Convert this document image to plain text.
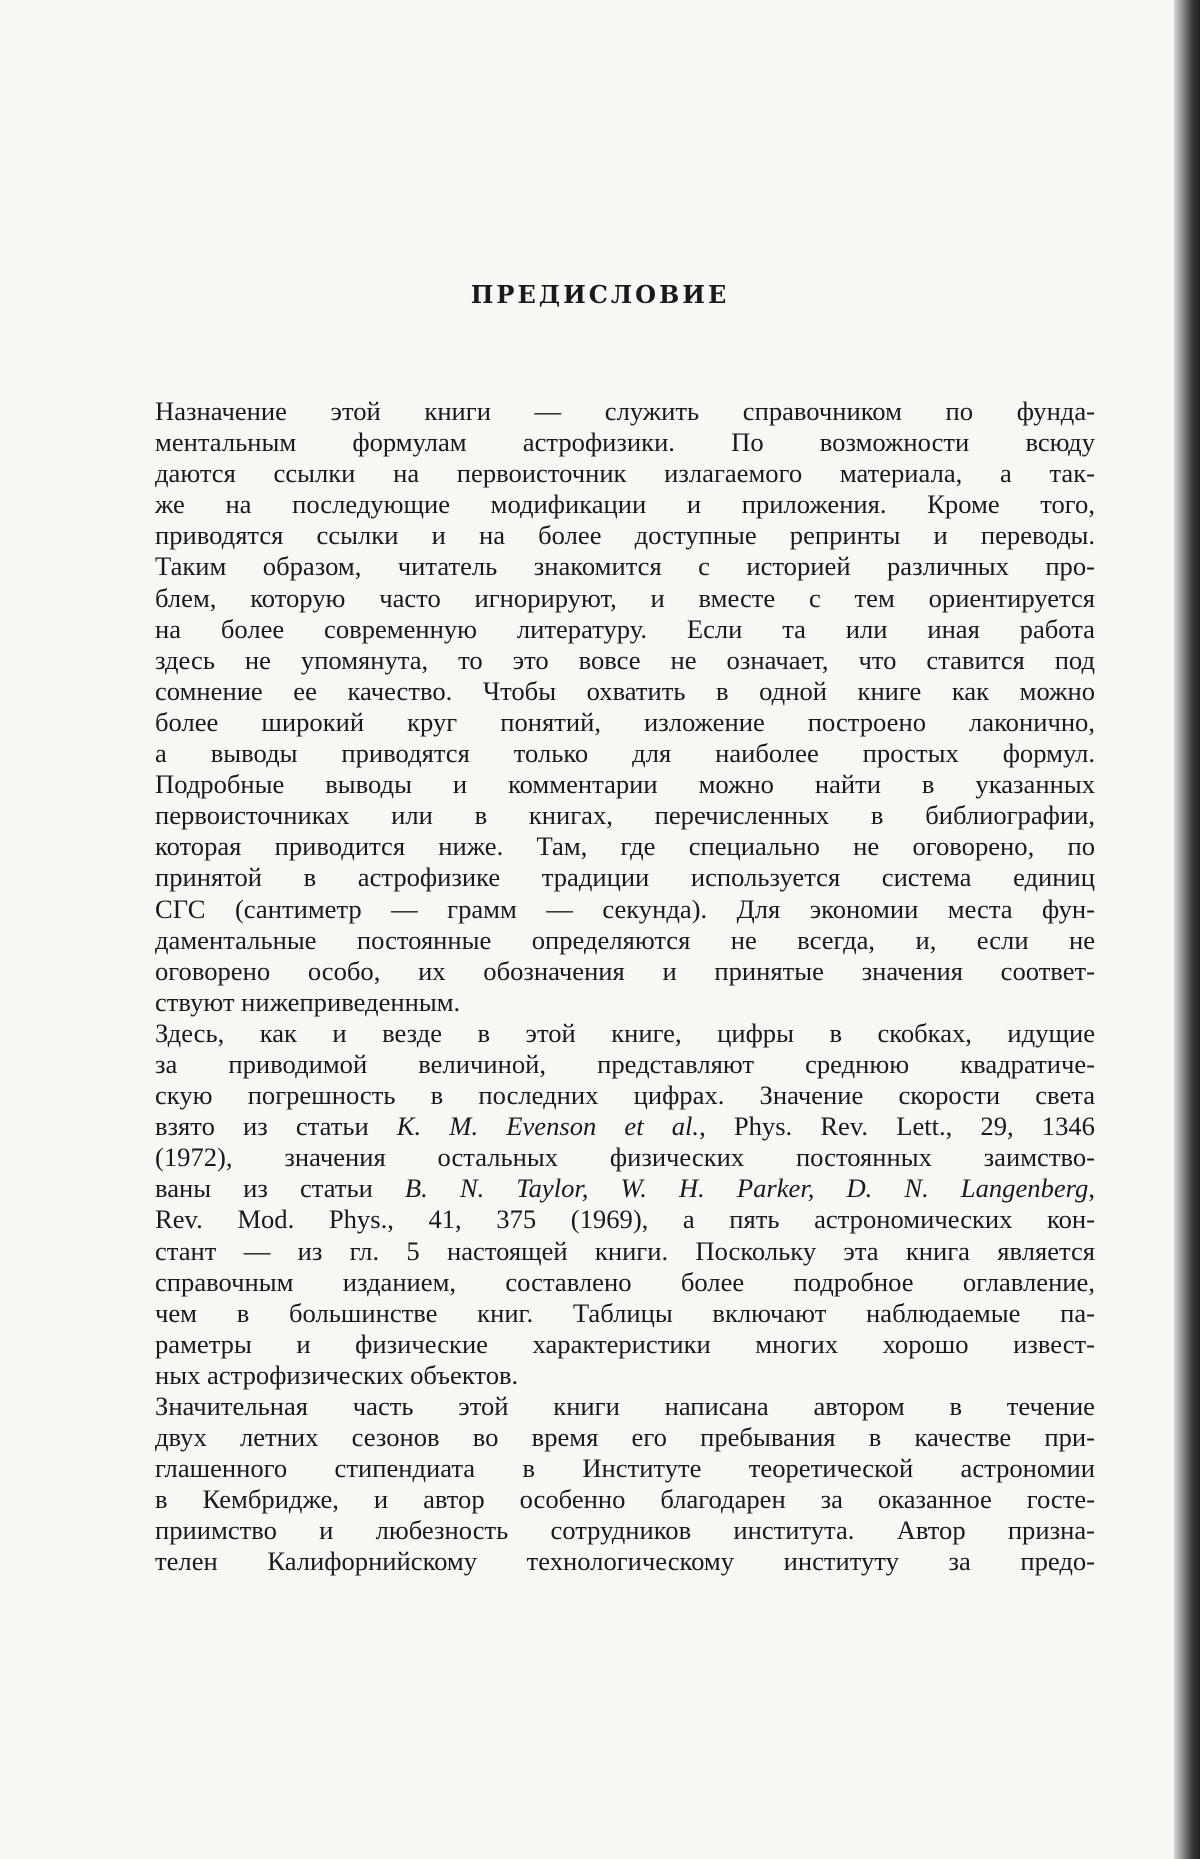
ПРЕДИСЛОВИЕ
Назначение этой книги — служить справочником по фунда-
ментальным формулам астрофизики. По возможности всюду
даются ссылки на первоисточник излагаемого материала, а так-
же на последующие модификации и приложения. Кроме того,
приводятся ссылки и на более доступные репринты и переводы.
Таким образом, читатель знакомится с историей различных про-
блем, которую часто игнорируют, и вместе с тем ориентируется
на более современную литературу. Если та или иная работа
здесь не упомянута, то это вовсе не означает, что ставится под
сомнение ее качество. Чтобы охватить в одной книге как можно
более широкий круг понятий, изложение построено лаконично,
а выводы приводятся только для наиболее простых формул.
Подробные выводы и комментарии можно найти в указанных
первоисточниках или в книгах, перечисленных в библиографии,
которая приводится ниже. Там, где специально не оговорено, по
принятой в астрофизике традиции используется система единиц
СГС (сантиметр — грамм — секунда). Для экономии места фун-
даментальные постоянные определяются не всегда, и, если не
оговорено особо, их обозначения и принятые значения соответ-
ствуют нижеприведенным.
Здесь, как и везде в этой книге, цифры в скобках, идущие
за приводимой величиной, представляют среднюю квадратиче-
скую погрешность в последних цифрах. Значение скорости света
взято из статьи K. M. Evenson et al., Phys. Rev. Lett., 29, 1346
(1972), значения остальных физических постоянных заимство-
ваны из статьи B. N. Taylor, W. H. Parker, D. N. Langenberg,
Rev. Mod. Phys., 41, 375 (1969), а пять астрономических кон-
стант — из гл. 5 настоящей книги. Поскольку эта книга является
справочным изданием, составлено более подробное оглавление,
чем в большинстве книг. Таблицы включают наблюдаемые па-
раметры и физические характеристики многих хорошо извест-
ных астрофизических объектов.
Значительная часть этой книги написана автором в течение
двух летних сезонов во время его пребывания в качестве при-
глашенного стипендиата в Институте теоретической астрономии
в Кембридже, и автор особенно благодарен за оказанное госте-
приимство и любезность сотрудников института. Автор призна-
телен Калифорнийскому технологическому институту за предо-
